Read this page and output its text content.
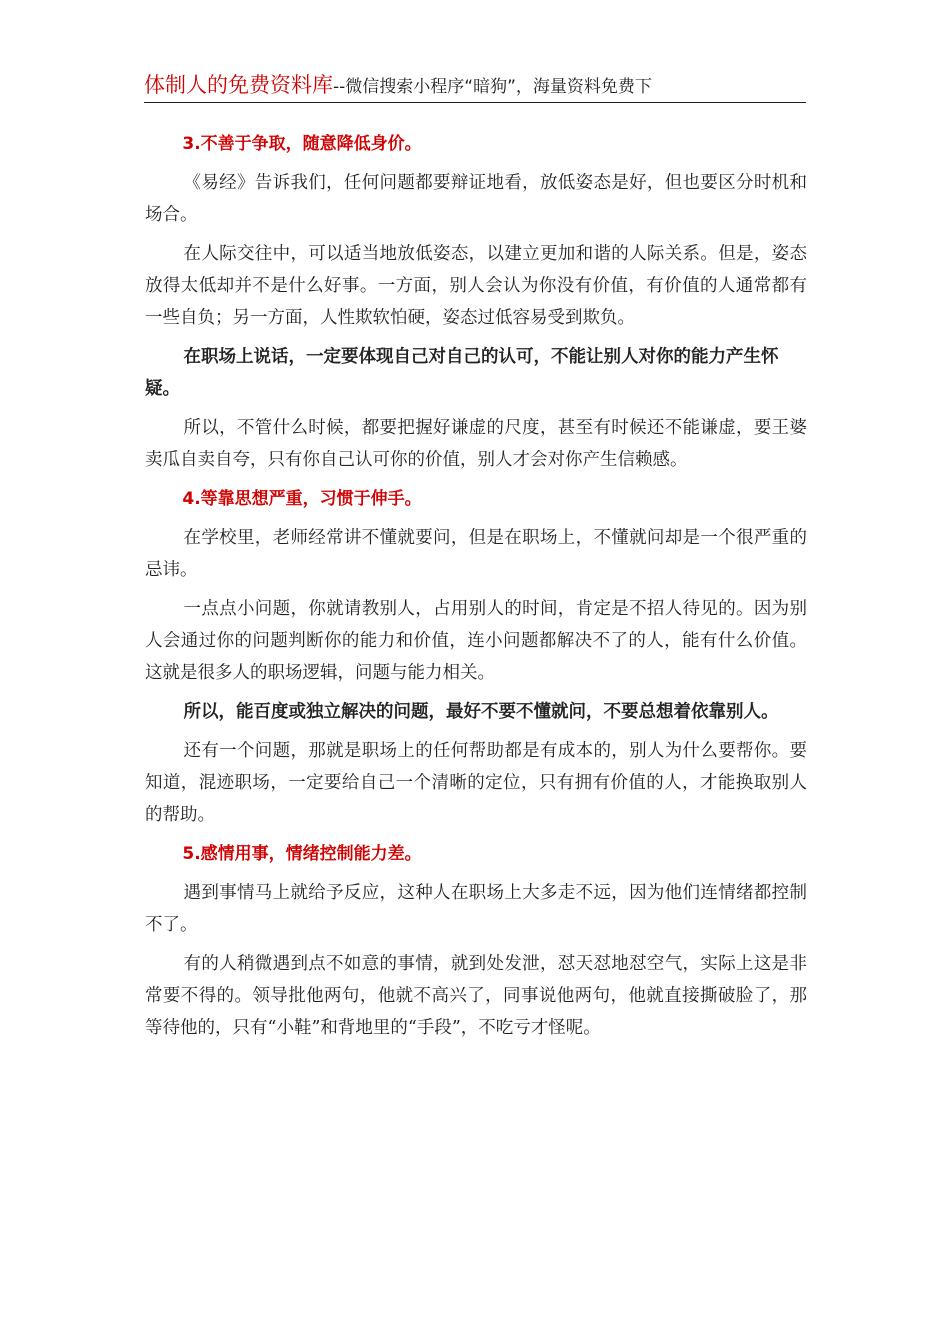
体制人的免费资料库--微信搜索小程序“暗狗”，海量资料免费下

3.不善于争取，随意降低身价。

《易经》告诉我们，任何问题都要辩证地看，放低姿态是好，但也要区分时机和场合。

在人际交往中，可以适当地放低姿态，以建立更加和谐的人际关系。但是，姿态放得太低却并不是什么好事。一方面，别人会认为你没有价值，有价值的人通常都有一些自负；另一方面，人性欺软怕硬，姿态过低容易受到欺负。

在职场上说话，一定要体现自己对自己的认可，不能让别人对你的能力产生怀疑。

所以，不管什么时候，都要把握好谦虚的尺度，甚至有时候还不能谦虚，要王婆卖瓜自卖自夸，只有你自己认可你的价值，别人才会对你产生信赖感。

4.等靠思想严重，习惯于伸手。

在学校里，老师经常讲不懂就要问，但是在职场上，不懂就问却是一个很严重的忌讳。

一点点小问题，你就请教别人，占用别人的时间，肯定是不招人待见的。因为别人会通过你的问题判断你的能力和价值，连小问题都解决不了的人，能有什么价值。这就是很多人的职场逻辑，问题与能力相关。

所以，能百度或独立解决的问题，最好不要不懂就问，不要总想着依靠别人。

还有一个问题，那就是职场上的任何帮助都是有成本的，别人为什么要帮你。要知道，混迹职场，一定要给自己一个清晰的定位，只有拥有价值的人，才能换取别人的帮助。

5.感情用事，情绪控制能力差。

遇到事情马上就给予反应，这种人在职场上大多走不远，因为他们连情绪都控制不了。

有的人稍微遇到点不如意的事情，就到处发泄，怼天怼地怼空气，实际上这是非常要不得的。领导批他两句，他就不高兴了，同事说他两句，他就直接撕破脸了，那等待他的，只有“小鞋”和背地里的“手段”，不吃亏才怪呢。
